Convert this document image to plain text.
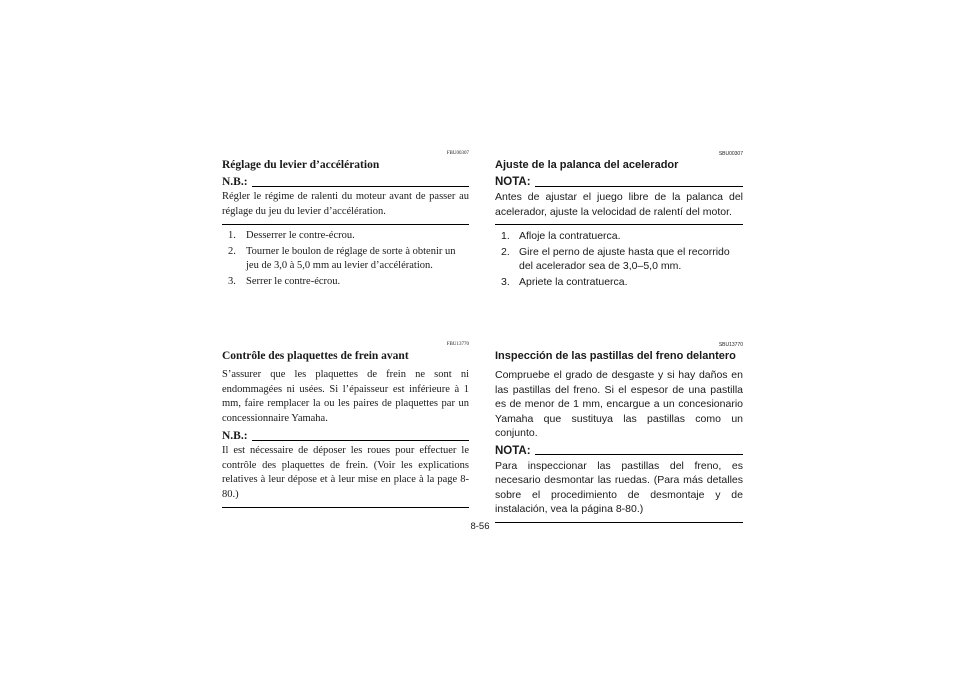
FBU00307
Réglage du levier d’accélération
N.B.:

Régler le régime de ralenti du moteur avant de passer au réglage du jeu du levier d’accélération.

1. Desserrer le contre-écrou.
2. Tourner le boulon de réglage de sorte à obtenir un jeu de 3,0 à 5,0 mm au levier d’accélération.
3. Serrer le contre-écrou.
FBU13770
Contrôle des plaquettes de frein avant

S’assurer que les plaquettes de frein ne sont ni endommagées ni usées. Si l’épaisseur est inférieure à 1 mm, faire remplacer la ou les paires de plaquettes par un concessionnaire Yamaha.

N.B.:

Il est nécessaire de déposer les roues pour effectuer le contrôle des plaquettes de frein. (Voir les explications relatives à leur dépose et à leur mise en place à la page 8-80.)

SBU00307
Ajuste de la palanca del acelerador
NOTA:

Antes de ajustar el juego libre de la palanca del acelerador, ajuste la velocidad de ralentí del motor.

1. Afloje la contratuerca.
2. Gire el perno de ajuste hasta que el recorrido del acelerador sea de 3,0–5,0 mm.
3. Apriete la contratuerca.
SBU13770
Inspección de las pastillas del freno delantero

Compruebe el grado de desgaste y si hay daños en las pastillas del freno. Si el espesor de una pastilla es de menor de 1 mm, encargue a un concesionario Yamaha que sustituya las pastillas como un conjunto.

NOTA:

Para inspeccionar las pastillas del freno, es necesario desmontar las ruedas. (Para más detalles sobre el procedimiento de desmontaje y de instalación, vea la página 8-80.)

8-56
